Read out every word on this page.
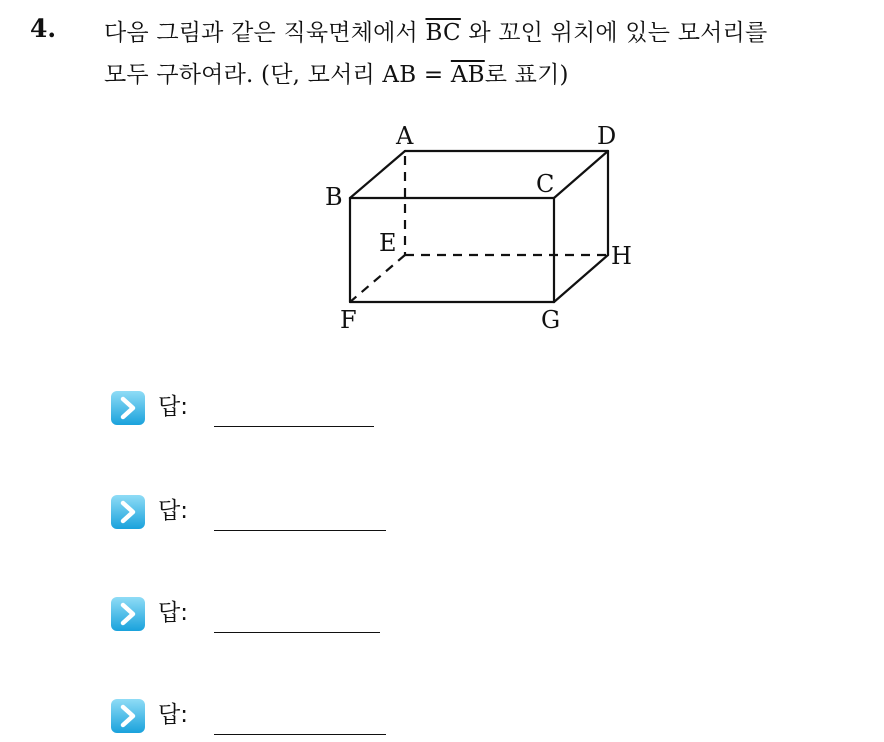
4. 다음 그림과 같은 직육면체에서 $\overline{BC}$ 와 꼬인 위치에 있는 모서리를
모두 구하여라. (단, 모서리 AB = $\overline{AB}$로 표기)
A	D
B	C
E	H
F	G
답:
답:
답:
답:
